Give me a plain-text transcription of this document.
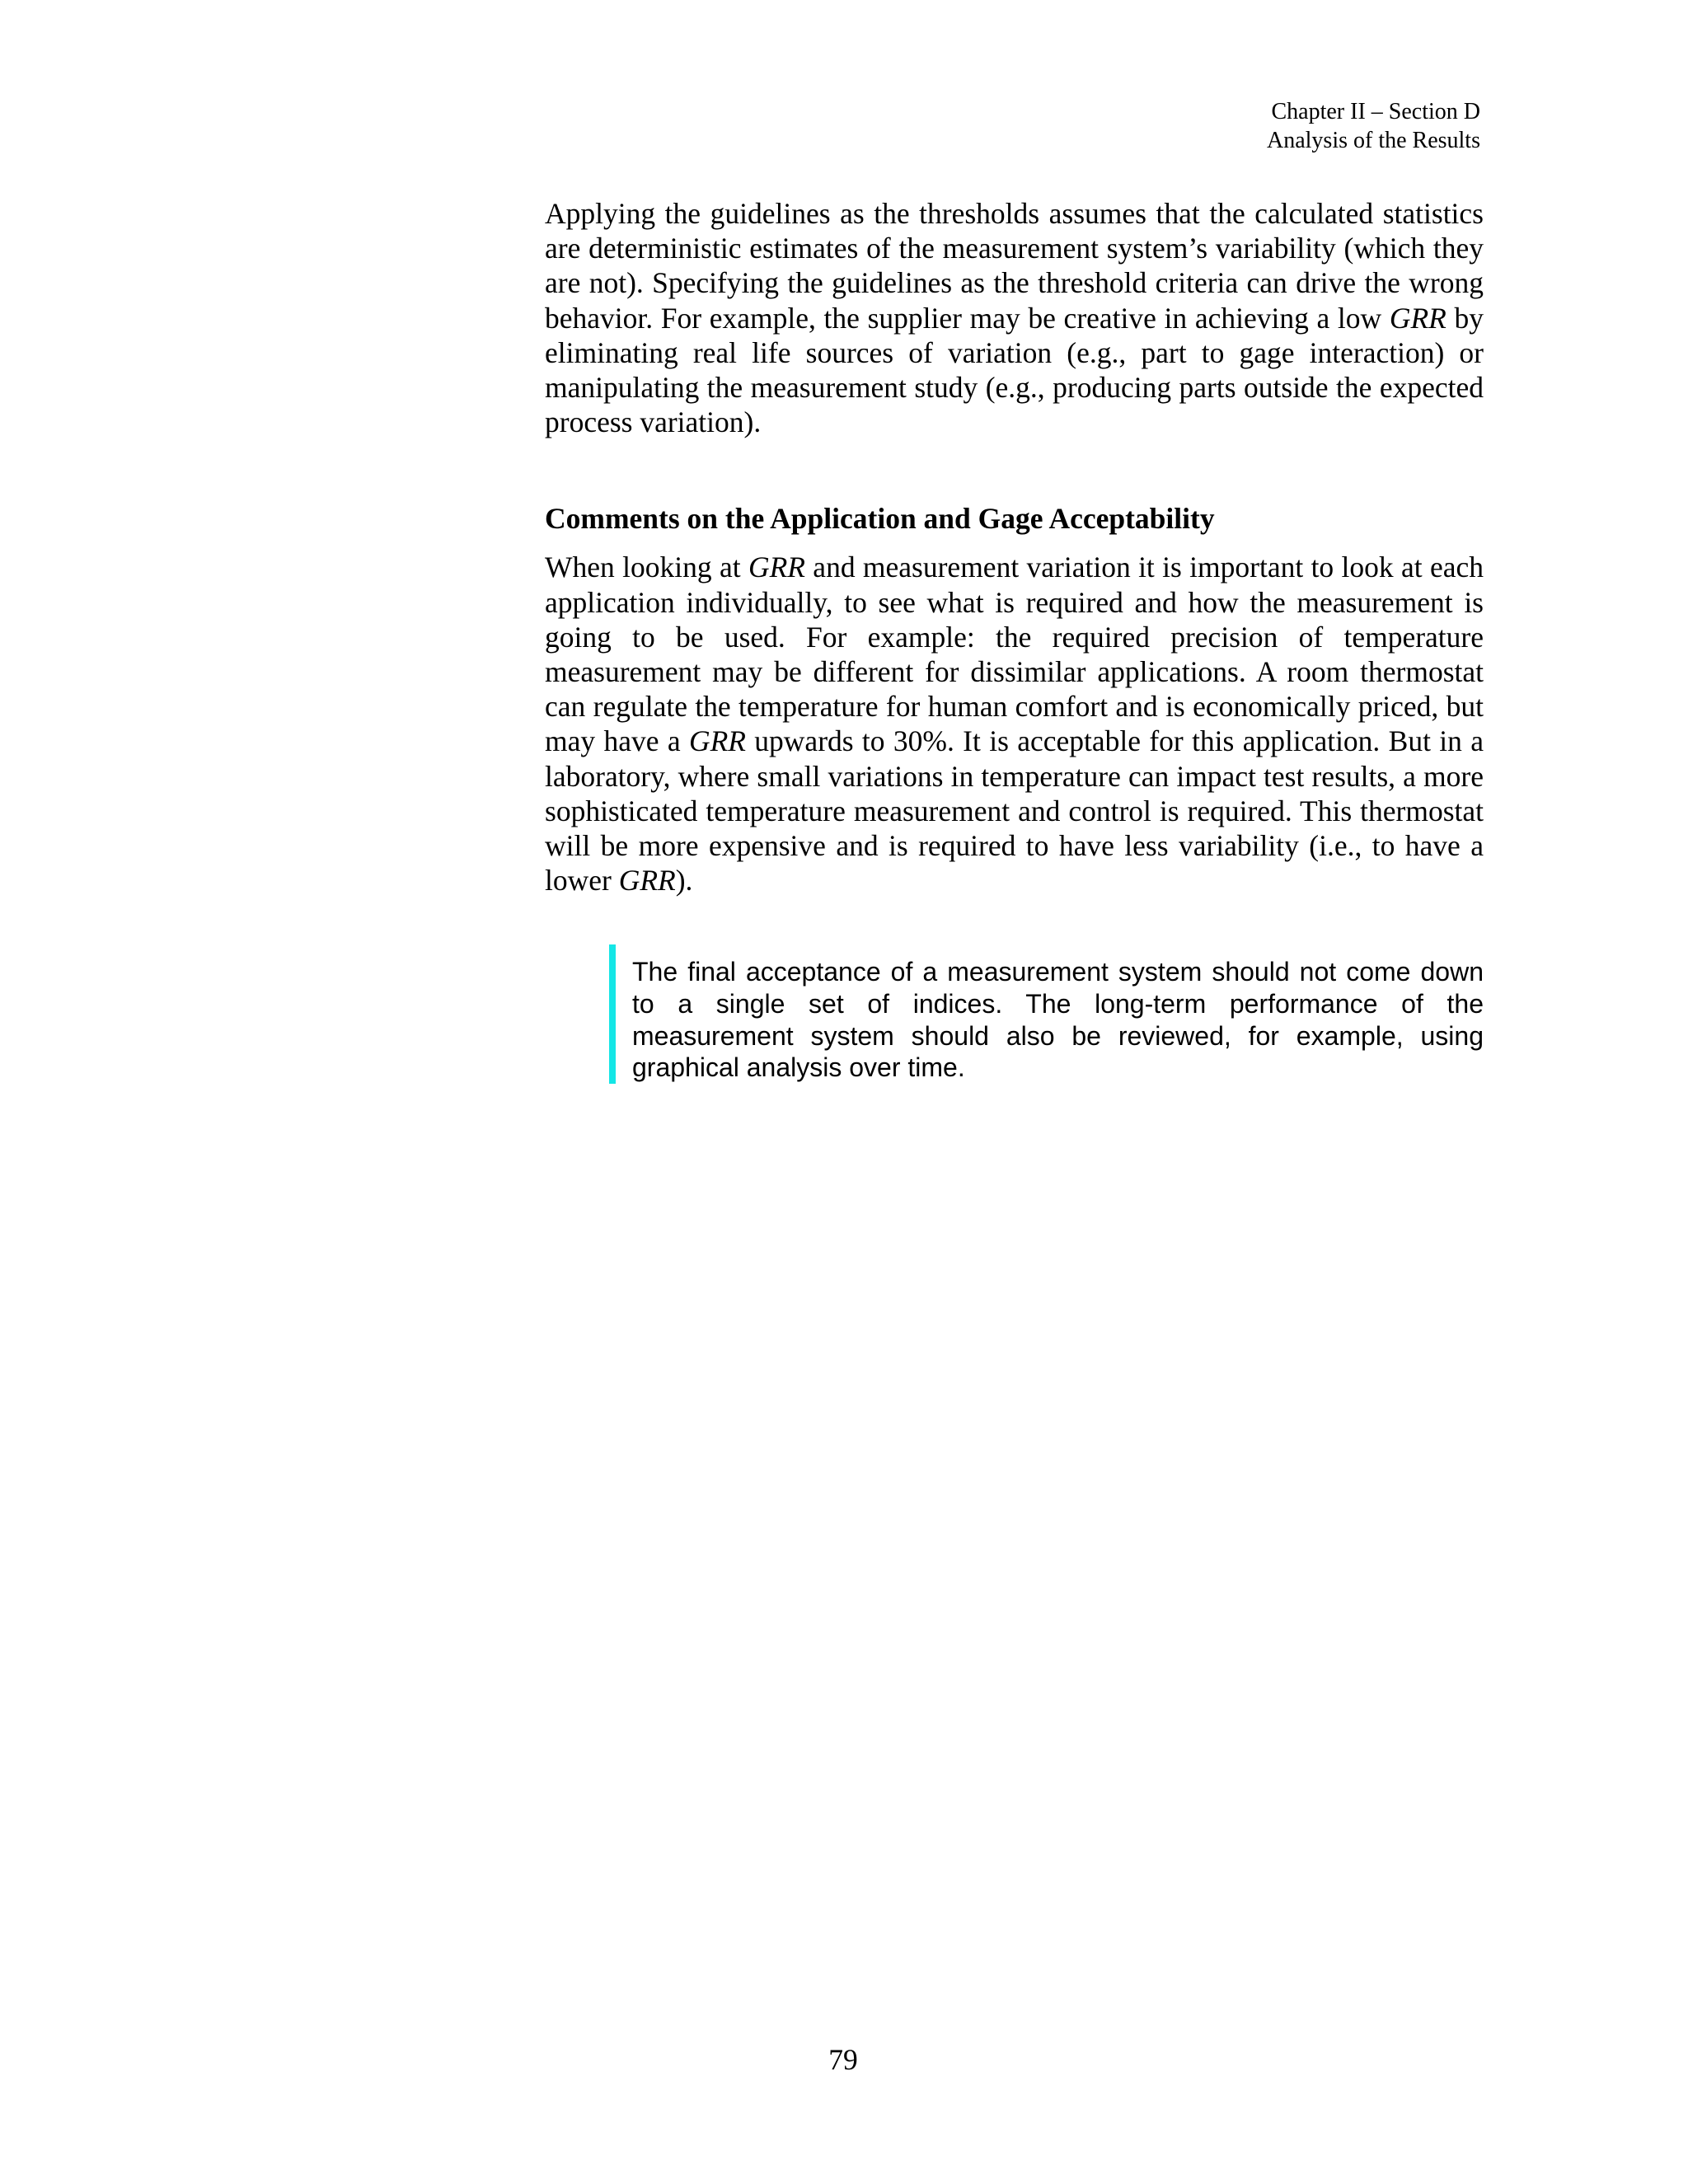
Chapter II – Section D
Analysis of the Results

Applying the guidelines as the thresholds assumes that the calculated statistics are deterministic estimates of the measurement system’s variability (which they are not). Specifying the guidelines as the threshold criteria can drive the wrong behavior. For example, the supplier may be creative in achieving a low GRR by eliminating real life sources of variation (e.g., part to gage interaction) or manipulating the measurement study (e.g., producing parts outside the expected process variation).

Comments on the Application and Gage Acceptability

When looking at GRR and measurement variation it is important to look at each application individually, to see what is required and how the measurement is going to be used. For example: the required precision of temperature measurement may be different for dissimilar applications. A room thermostat can regulate the temperature for human comfort and is economically priced, but may have a GRR upwards to 30%. It is acceptable for this application. But in a laboratory, where small variations in temperature can impact test results, a more sophisticated temperature measurement and control is required. This thermostat will be more expensive and is required to have less variability (i.e., to have a lower GRR).

The final acceptance of a measurement system should not come down to a single set of indices. The long-term performance of the measurement system should also be reviewed, for example, using graphical analysis over time.

79
